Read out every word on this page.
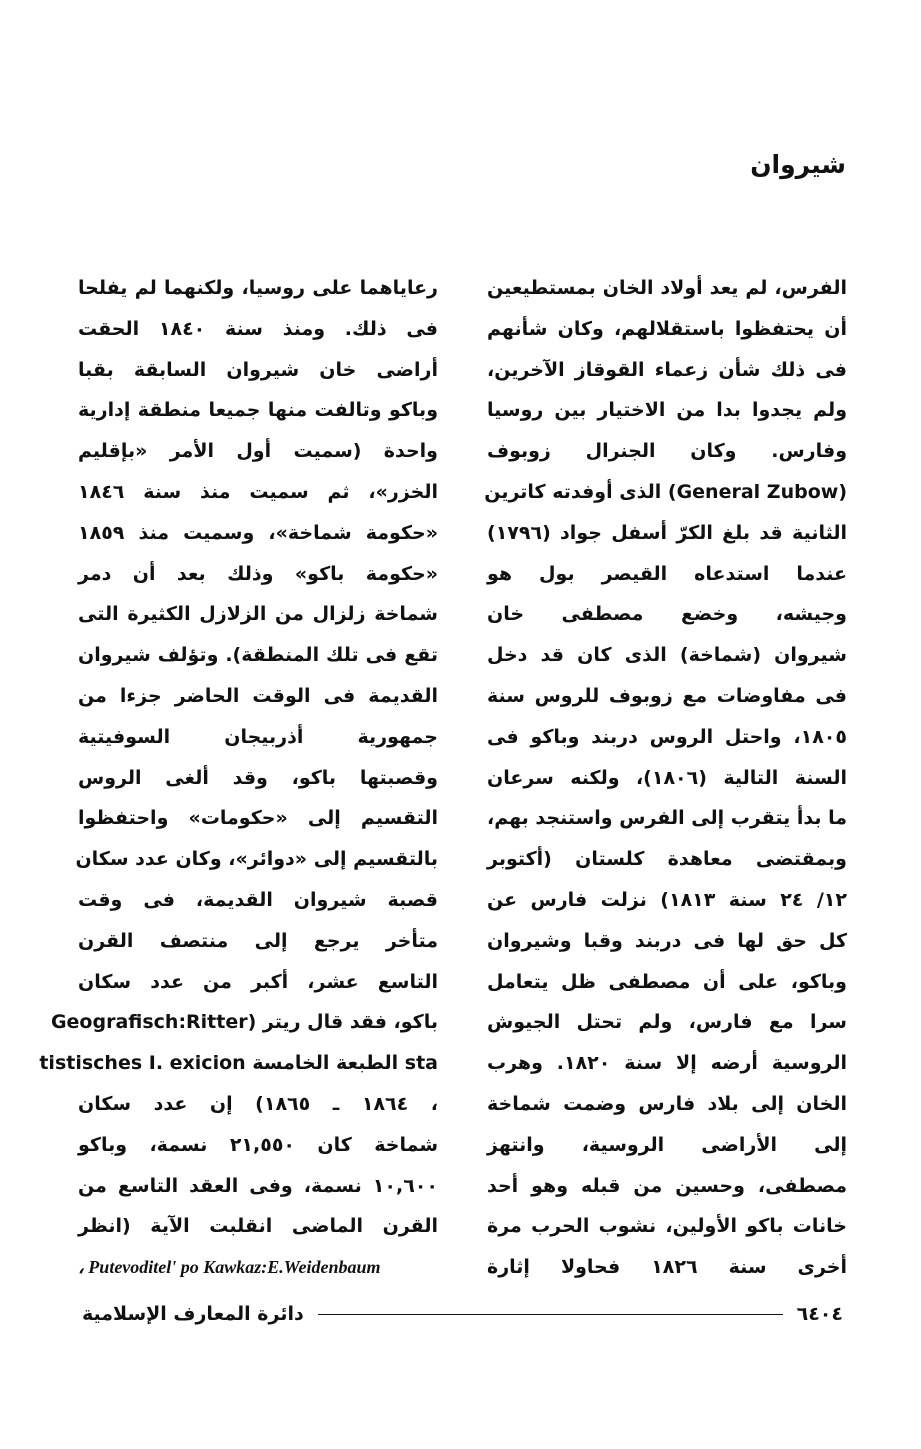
شيروان
الفرس، لم يعد أولاد الخان بمستطيعين
أن يحتفظوا باستقلالهم، وكان شأنهم
فى ذلك شأن زعماء القوقاز الآخرين،
ولم يجدوا بدا من الاختيار بين روسيا
وفارس. وكان الجنرال زوبوف
(General Zubow) الذى أوفدته كاترين
الثانية قد بلغ الكرّ أسفل جواد (١٧٩٦)
عندما استدعاه القيصر بول هو
وجيشه، وخضع مصطفى خان
شيروان (شماخة) الذى كان قد دخل
فى مفاوضات مع زوبوف للروس سنة
١٨٠٥، واحتل الروس دربند وباكو فى
السنة التالية (١٨٠٦)، ولكنه سرعان
ما بدأ يتقرب إلى الفرس واستنجد بهم،
وبمقتضى معاهدة كلستان (أكتوبر
١٢/ ٢٤ سنة ١٨١٣) نزلت فارس عن
كل حق لها فى دربند وقبا وشيروان
وباكو، على أن مصطفى ظل يتعامل
سرا مع فارس، ولم تحتل الجيوش
الروسية أرضه إلا سنة ١٨٢٠. وهرب
الخان إلى بلاد فارس وضمت شماخة
إلى الأراضى الروسية، وانتهز
مصطفى، وحسين من قبله وهو أحد
خانات باكو الأولين، نشوب الحرب مرة
أخرى سنة ١٨٢٦ فحاولا إثارة
رعاياهما على روسيا، ولكنهما لم يفلحا
فى ذلك. ومنذ سنة ١٨٤٠ الحقت
أراضى خان شيروان السابقة بقبا
وباكو وتالفت منها جميعا منطقة إدارية
واحدة (سميت أول الأمر «بإقليم
الخزر»، ثم سميت منذ سنة ١٨٤٦
«حكومة شماخة»، وسميت منذ ١٨٥٩
«حكومة باكو» وذلك بعد أن دمر
شماخة زلزال من الزلازل الكثيرة التى
تقع فى تلك المنطقة). وتؤلف شيروان
القديمة فى الوقت الحاضر جزءا من
جمهورية أذربيجان السوفيتية
وقصبتها باكو، وقد ألغى الروس
التقسيم إلى «حكومات» واحتفظوا
بالتقسيم إلى «دوائر»، وكان عدد سكان
قصبة شيروان القديمة، فى وقت
متأخر يرجع إلى منتصف القرن
التاسع عشر، أكبر من عدد سكان
باكو، فقد قال ريتر (Geografisch:Ritter
sta الطبعة الخامسة tistisches I. exicion
، ١٨٦٤ ـ ١٨٦٥) إن عدد سكان
شماخة كان ٢١,٥٥٠ نسمة، وباكو
١٠,٦٠٠ نسمة، وفى العقد التاسع من
القرن الماضى انقلبت الآية (انظر
، Putevoditel' po Kawkaz:E.Weidenbaum
٦٤٠٤
دائرة المعارف الإسلامية
